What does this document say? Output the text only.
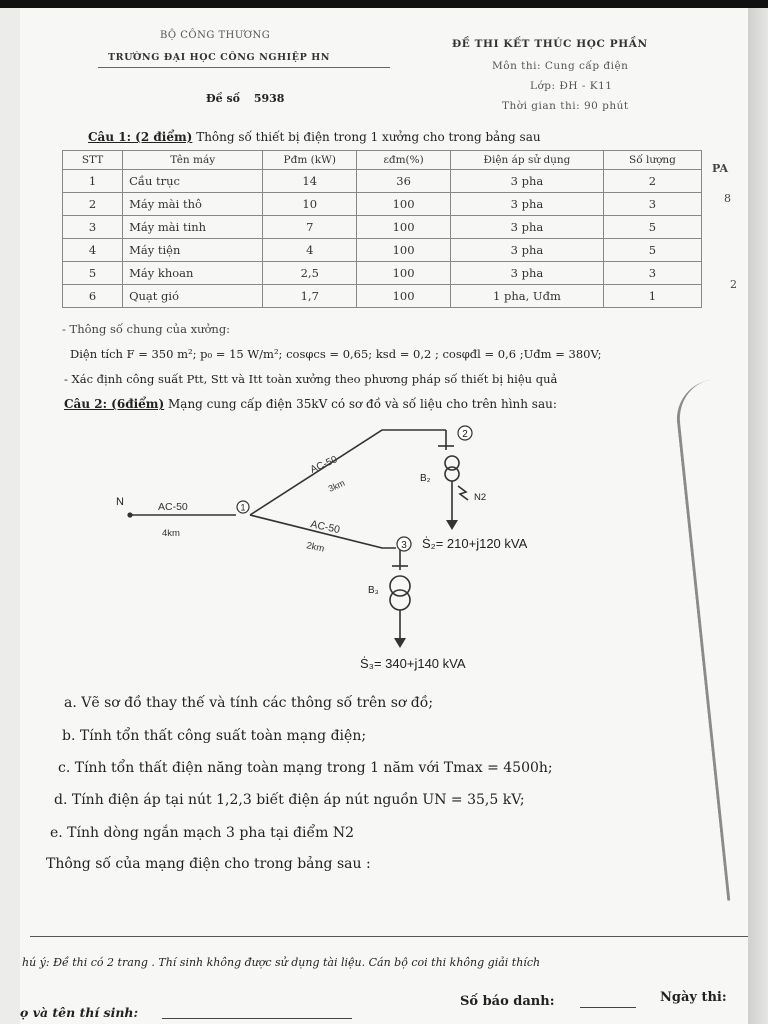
BỘ CÔNG THƯƠNG
TRƯỜNG ĐẠI HỌC CÔNG NGHIỆP HN
Đề số 5938
ĐỀ THI KẾT THÚC HỌC PHẦN
Môn thi: Cung cấp điện
Lớp: ĐH - K11
Thời gian thi: 90 phút
Câu 1: (2 điểm) Thông số thiết bị điện trong 1 xưởng cho trong bảng sau
STT	Tên máy	Pđm (kW)	εđm(%)	Điện áp sử dụng	Số lượng
1	Cầu trục	14	36	3 pha	2
2	Máy mài thô	10	100	3 pha	3
3	Máy mài tinh	7	100	3 pha	5
4	Máy tiện	4	100	3 pha	5
5	Máy khoan	2,5	100	3 pha	3
6	Quạt gió	1,7	100	1 pha, Uđm	1
PA
8
2
- Thông số chung của xưởng:
Diện tích F = 350 m²; p₀ = 15 W/m²; cosφcs = 0,65; ksd = 0,2 ; cosφđl = 0,6 ;Uđm = 380V;
- Xác định công suất Ptt, Stt và Itt toàn xưởng theo phương pháp số thiết bị hiệu quả
Câu 2: (6điểm) Mạng cung cấp điện 35kV có sơ đồ và số liệu cho trên hình sau:
1
2
3
N	AC-50
4km
AC-50
3km
AC-50
2km
B₂
B₃
N2
Ṡ₂= 210+j120 kVA
Ṡ₃= 340+j140 kVA
a. Vẽ sơ đồ thay thế và tính các thông số trên sơ đồ;
b. Tính tổn thất công suất toàn mạng điện;
c. Tính tổn thất điện năng toàn mạng trong 1 năm với Tmax = 4500h;
d. Tính điện áp tại nút 1,2,3 biết điện áp nút nguồn UN = 35,5 kV;
e. Tính dòng ngắn mạch 3 pha tại điểm N2
Thông số của mạng điện cho trong bảng sau :
hú ý: Đề thi có 2 trang . Thí sinh không được sử dụng tài liệu. Cán bộ coi thi không giải thích
ọ và tên thí sinh:
Số báo danh:	Ngày thi:
